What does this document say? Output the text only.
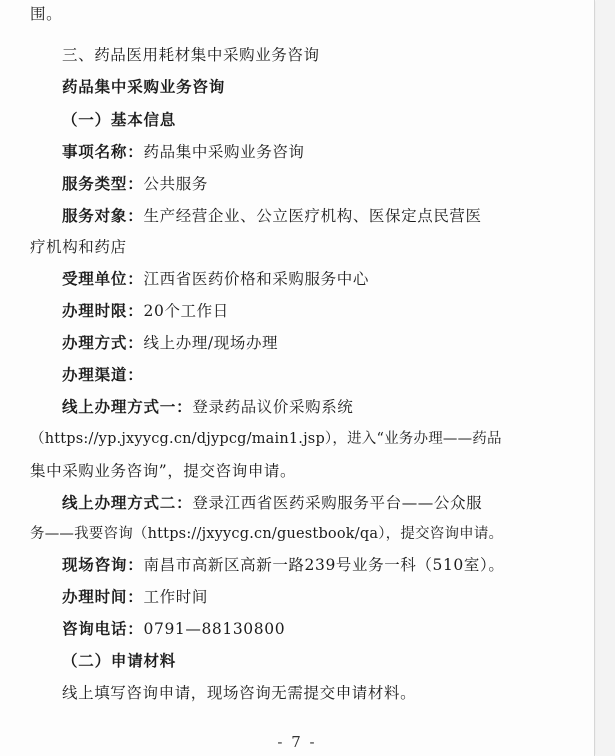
围。
三、药品医用耗材集中采购业务咨询
药品集中采购业务咨询
（一）基本信息
事项名称：药品集中采购业务咨询
服务类型：公共服务
服务对象：生产经营企业、公立医疗机构、医保定点民营医
疗机构和药店
受理单位：江西省医药价格和采购服务中心
办理时限：20个工作日
办理方式：线上办理/现场办理
办理渠道：
线上办理方式一：登录药品议价采购系统
（https://yp.jxyycg.cn/djypcg/main1.jsp），进入“业务办理——药品
集中采购业务咨询”，提交咨询申请。
线上办理方式二：登录江西省医药采购服务平台——公众服
务——我要咨询（https://jxyycg.cn/guestbook/qa），提交咨询申请。
现场咨询：南昌市高新区高新一路239号业务一科（510室）。
办理时间：工作时间
咨询电话：0791—88130800
（二）申请材料
线上填写咨询申请，现场咨询无需提交申请材料。
- 7 -
